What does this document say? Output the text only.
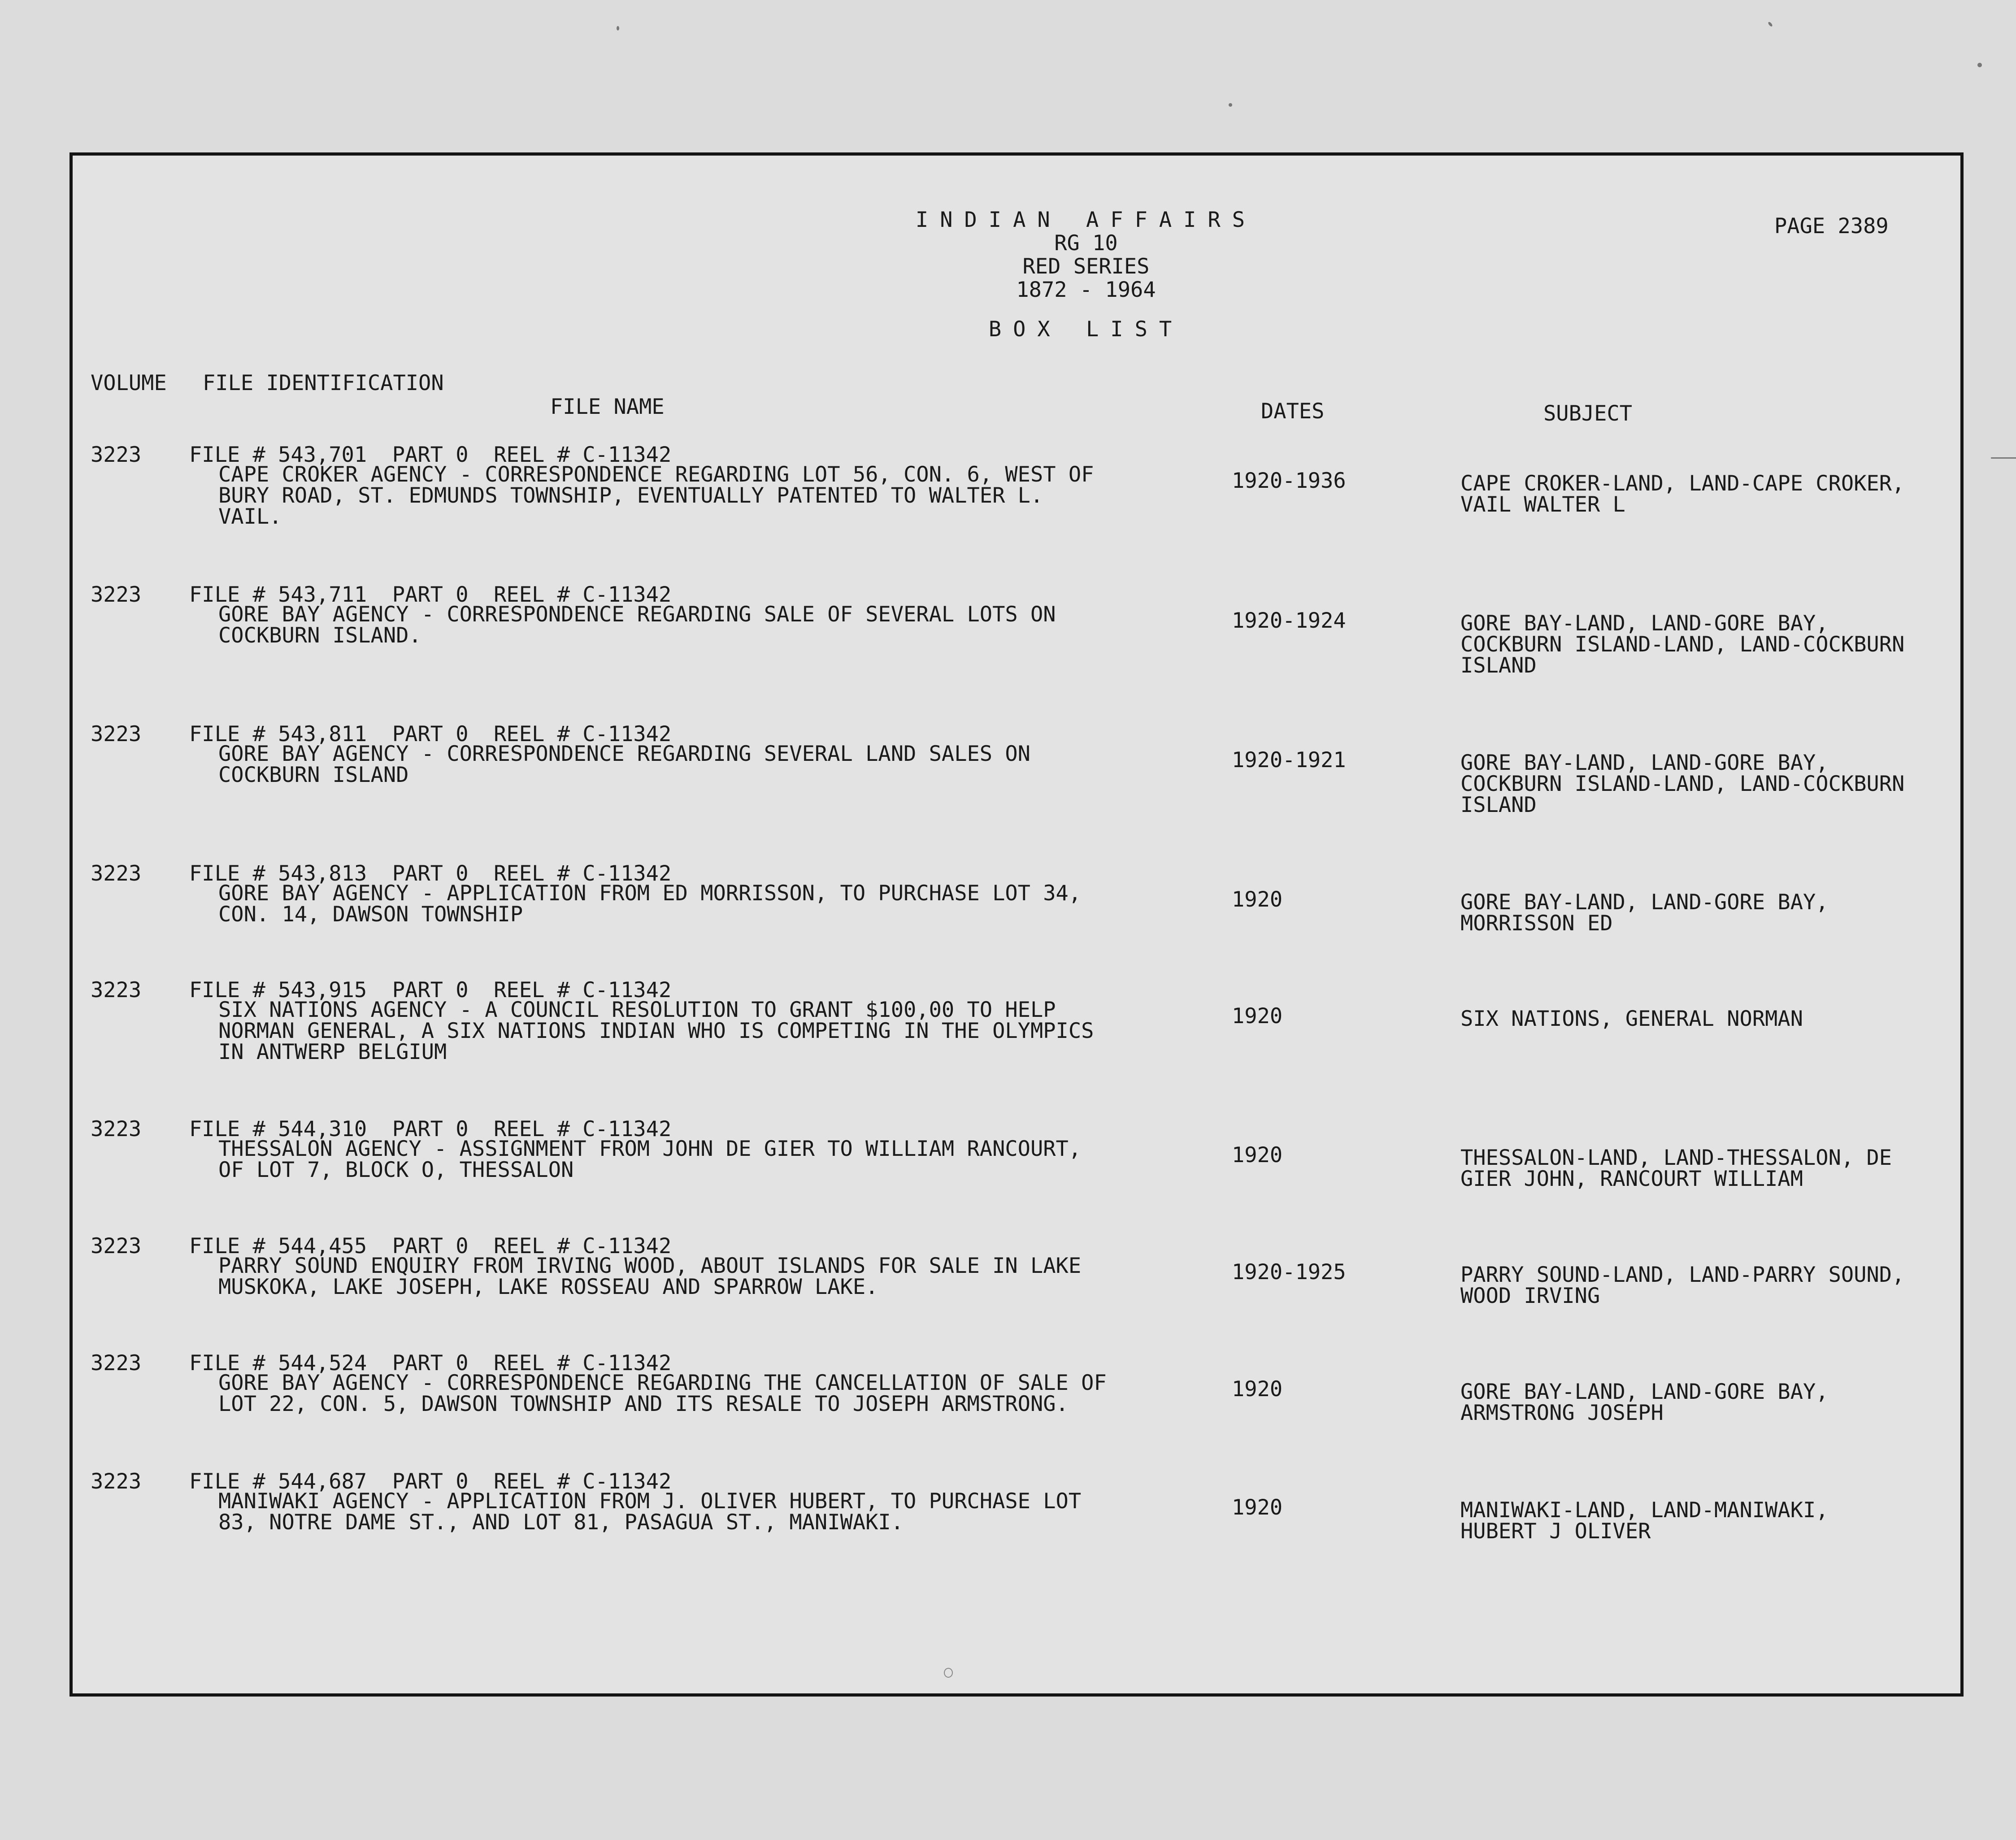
INDIAN AFFAIRS
RG 10
RED SERIES
1872 - 1964
BOX LIST
PAGE 2389
VOLUME FILE IDENTIFICATION
FILE NAME	DATES	SUBJECT
3223 FILE # 543,701  PART 0  REEL # C-11342
CAPE CROKER AGENCY - CORRESPONDENCE REGARDING LOT 56, CON. 6, WEST OF
BURY ROAD, ST. EDMUNDS TOWNSHIP, EVENTUALLY PATENTED TO WALTER L.
VAIL.
1920-1936	CAPE CROKER-LAND, LAND-CAPE CROKER,
VAIL WALTER L
3223 FILE # 543,711  PART 0  REEL # C-11342
GORE BAY AGENCY - CORRESPONDENCE REGARDING SALE OF SEVERAL LOTS ON
COCKBURN ISLAND.
1920-1924	GORE BAY-LAND, LAND-GORE BAY,
COCKBURN ISLAND-LAND, LAND-COCKBURN
ISLAND
3223 FILE # 543,811  PART 0  REEL # C-11342
GORE BAY AGENCY - CORRESPONDENCE REGARDING SEVERAL LAND SALES ON
COCKBURN ISLAND
1920-1921	GORE BAY-LAND, LAND-GORE BAY,
COCKBURN ISLAND-LAND, LAND-COCKBURN
ISLAND
3223 FILE # 543,813  PART 0  REEL # C-11342
GORE BAY AGENCY - APPLICATION FROM ED MORRISSON, TO PURCHASE LOT 34,
CON. 14, DAWSON TOWNSHIP
1920	GORE BAY-LAND, LAND-GORE BAY,
MORRISSON ED
3223 FILE # 543,915  PART 0  REEL # C-11342
SIX NATIONS AGENCY - A COUNCIL RESOLUTION TO GRANT $100,00 TO HELP
NORMAN GENERAL, A SIX NATIONS INDIAN WHO IS COMPETING IN THE OLYMPICS
IN ANTWERP BELGIUM
1920	SIX NATIONS, GENERAL NORMAN
3223 FILE # 544,310  PART 0  REEL # C-11342
THESSALON AGENCY - ASSIGNMENT FROM JOHN DE GIER TO WILLIAM RANCOURT,
OF LOT 7, BLOCK O, THESSALON
1920	THESSALON-LAND, LAND-THESSALON, DE
GIER JOHN, RANCOURT WILLIAM
3223 FILE # 544,455  PART 0  REEL # C-11342
PARRY SOUND ENQUIRY FROM IRVING WOOD, ABOUT ISLANDS FOR SALE IN LAKE
MUSKOKA, LAKE JOSEPH, LAKE ROSSEAU AND SPARROW LAKE.
1920-1925	PARRY SOUND-LAND, LAND-PARRY SOUND,
WOOD IRVING
3223 FILE # 544,524  PART 0  REEL # C-11342
GORE BAY AGENCY - CORRESPONDENCE REGARDING THE CANCELLATION OF SALE OF
LOT 22, CON. 5, DAWSON TOWNSHIP AND ITS RESALE TO JOSEPH ARMSTRONG.
1920	GORE BAY-LAND, LAND-GORE BAY,
ARMSTRONG JOSEPH
3223 FILE # 544,687  PART 0  REEL # C-11342
MANIWAKI AGENCY - APPLICATION FROM J. OLIVER HUBERT, TO PURCHASE LOT
83, NOTRE DAME ST., AND LOT 81, PASAGUA ST., MANIWAKI.
1920	MANIWAKI-LAND, LAND-MANIWAKI,
HUBERT J OLIVER
